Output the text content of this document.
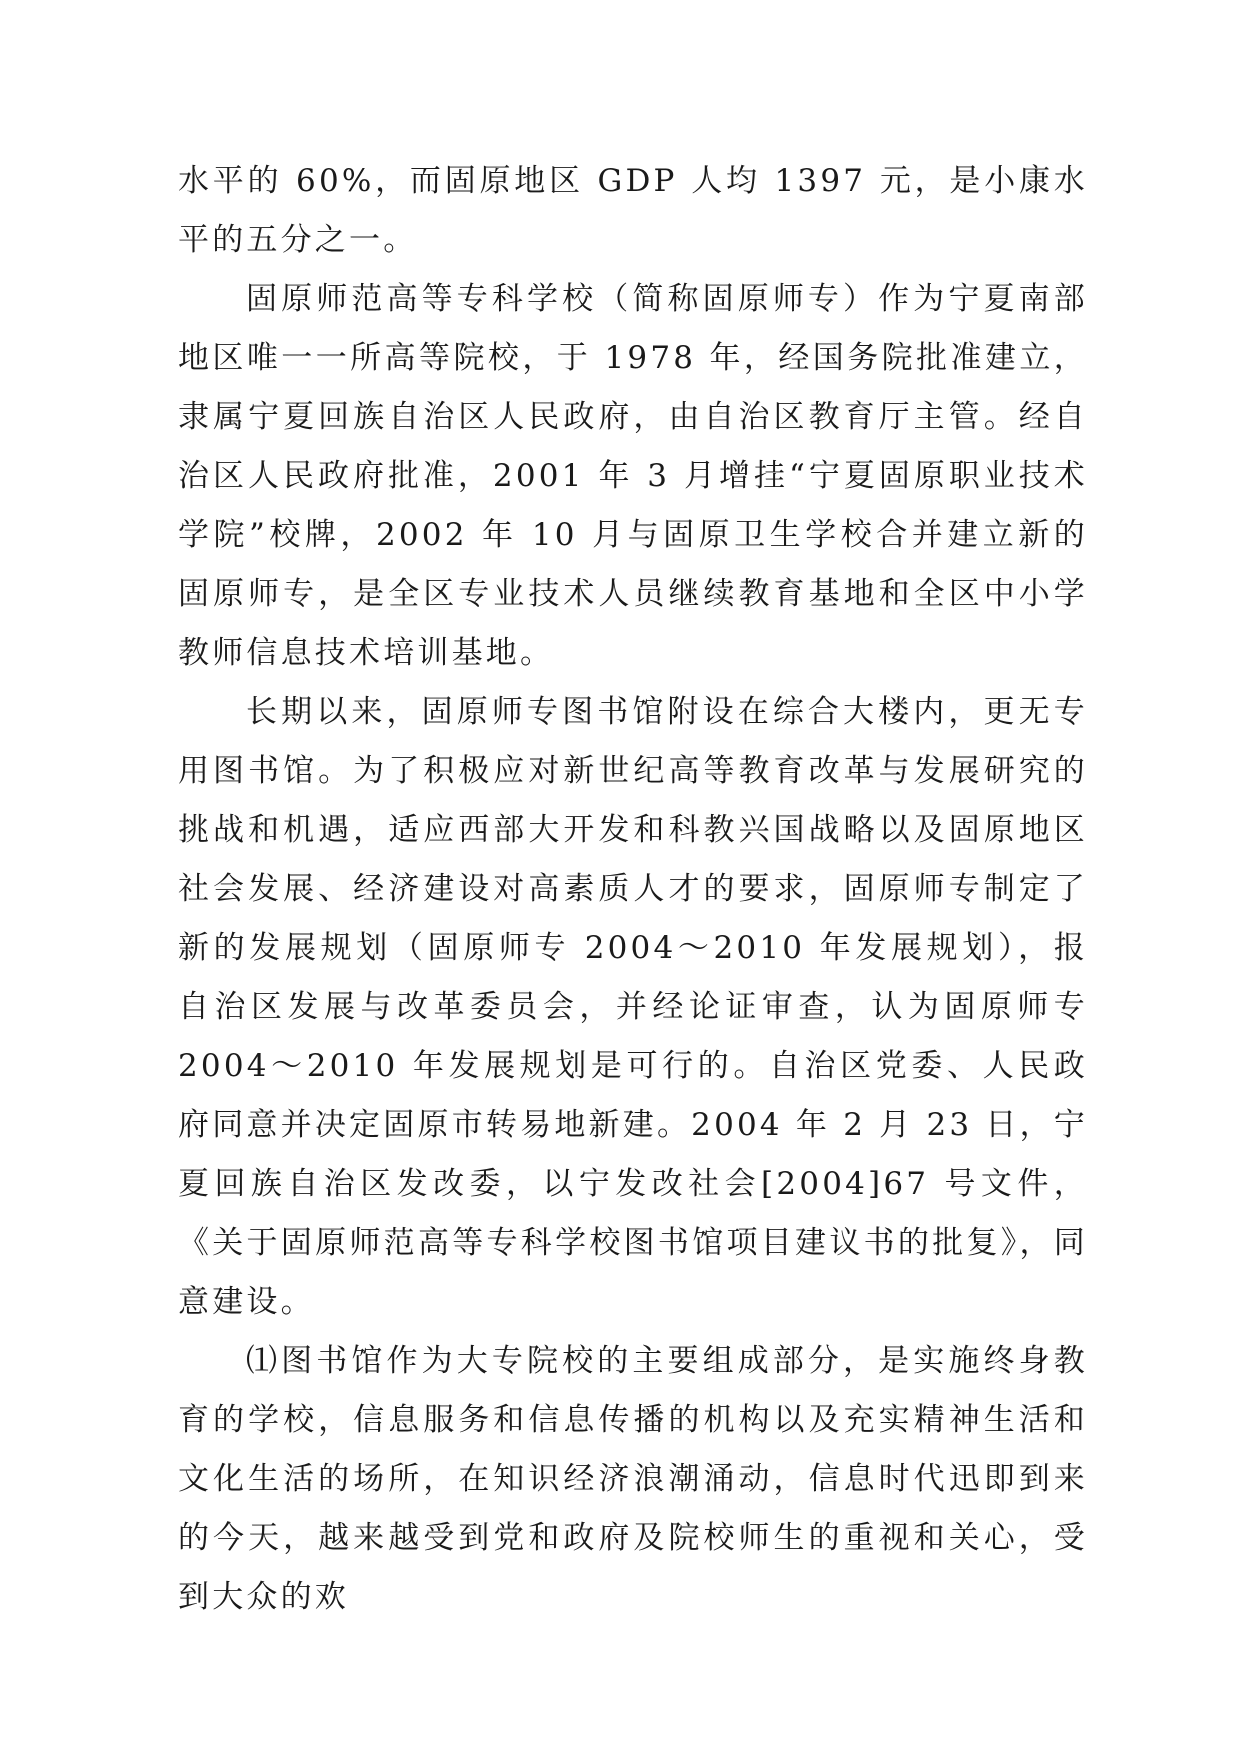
水平的 60%，而固原地区 GDP 人均 1397 元，是小康水平的五分之一。

固原师范高等专科学校（简称固原师专）作为宁夏南部地区唯一一所高等院校，于 1978 年，经国务院批准建立，隶属宁夏回族自治区人民政府，由自治区教育厅主管。经自治区人民政府批准，2001 年 3 月增挂“宁夏固原职业技术学院”校牌，2002 年 10 月与固原卫生学校合并建立新的固原师专，是全区专业技术人员继续教育基地和全区中小学教师信息技术培训基地。

长期以来，固原师专图书馆附设在综合大楼内，更无专用图书馆。为了积极应对新世纪高等教育改革与发展研究的挑战和机遇，适应西部大开发和科教兴国战略以及固原地区社会发展、经济建设对高素质人才的要求，固原师专制定了新的发展规划（固原师专 2004～2010 年发展规划），报自治区发展与改革委员会，并经论证审查，认为固原师专 2004～2010 年发展规划是可行的。自治区党委、人民政府同意并决定固原市转易地新建。2004 年 2 月 23 日，宁夏回族自治区发改委，以宁发改社会[2004]67 号文件，《关于固原师范高等专科学校图书馆项目建议书的批复》，同意建设。

⑴图书馆作为大专院校的主要组成部分，是实施终身教育的学校，信息服务和信息传播的机构以及充实精神生活和文化生活的场所，在知识经济浪潮涌动，信息时代迅即到来的今天，越来越受到党和政府及院校师生的重视和关心，受到大众的欢
